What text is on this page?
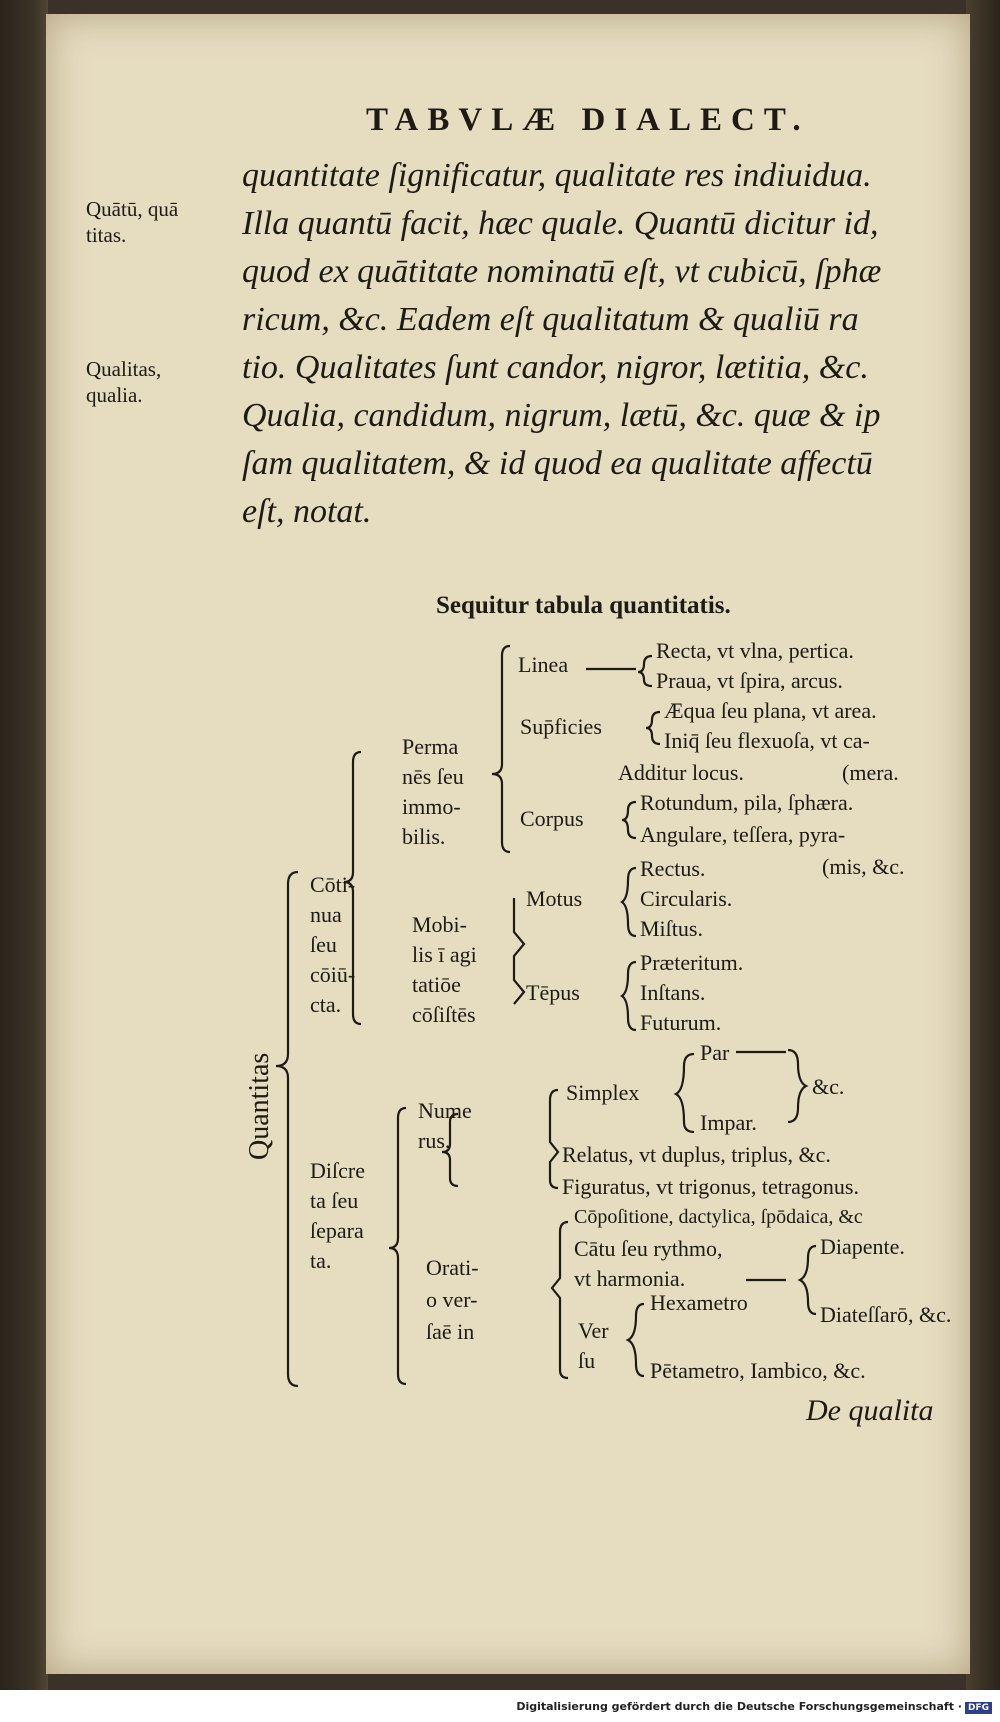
TABVLÆ DIALECT.
Quātū, quā
titas.
Qualitas,
qualia.
quantitate ſignificatur, qualitate res indiuidua.
Illa quantū facit, hæc quale. Quantū dicitur id,
quod ex quātitate nominatū eſt, vt cubicū, ſphæ
ricum, &c. Eadem eſt qualitatum & qualiū ra
tio. Qualitates ſunt candor, nigror, lætitia, &c.
Qualia, candidum, nigrum, lætū, &c. quæ & ip
ſam qualitatem, & id quod ea qualitate affectū
eſt, notat.
Sequitur tabula quantitatis.
Quantitas
Cōti-
nua
ſeu
cōiū-
cta.
Perma
nēs ſeu
immo-
bilis.
Linea
Recta, vt vlna, pertica.
Praua, vt ſpira, arcus.
Sup̄ficies
Æqua ſeu plana, vt area.
Iniq̄ ſeu flexuoſa, vt ca-
Additur locus.	(mera.
Corpus
Rotundum, pila, ſphæra.
Angulare, teſſera, pyra-
(mis, &c.
Mobi-
lis ī agi
tatiōe
cōſiſtēs
Motus
Rectus.
Circularis.
Miſtus.
Tēpus
Præteritum.
Inſtans.
Futurum.
Diſcre
ta ſeu
ſepara
ta.
Nume
rus.
Simplex
Par
Impar.
&c.
Relatus, vt duplus, triplus, &c.
Figuratus, vt trigonus, tetragonus.
Orati-
o ver-
ſaē in
Cōpoſitione, dactylica, ſpōdaica, &c
Cātu ſeu rythmo,
vt harmonia.
Diapente.
Diateſſarō, &c.
Ver
ſu
Hexametro
Pētametro, Iambico, &c.
De qualita
Digitalisierung gefördert durch die Deutsche Forschungsgemeinschaft · DFG
